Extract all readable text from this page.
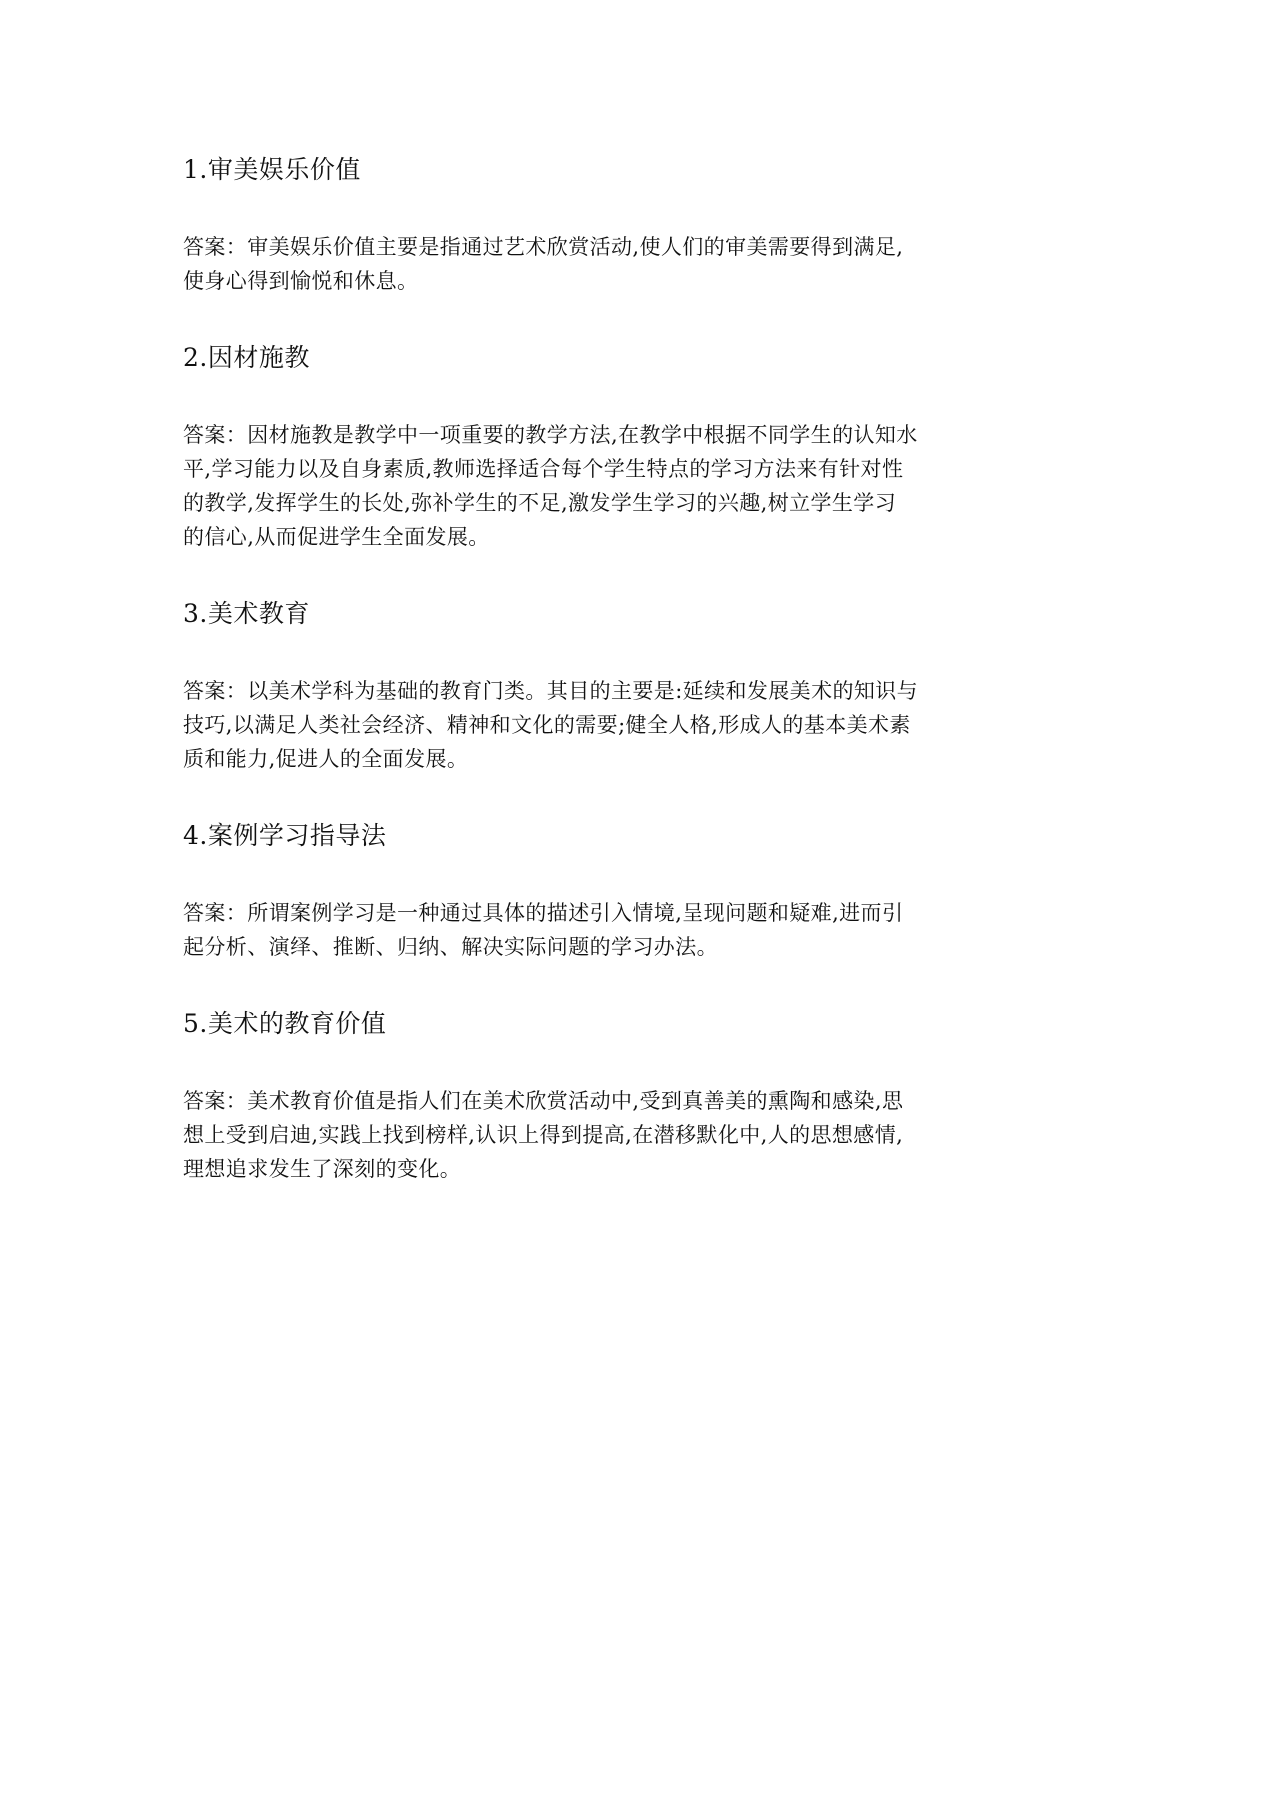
1.审美娱乐价值

答案：审美娱乐价值主要是指通过艺术欣赏活动,使人们的审美需要得到满足,
使身心得到愉悦和休息。

2.因材施教

答案：因材施教是教学中一项重要的教学方法,在教学中根据不同学生的认知水
平,学习能力以及自身素质,教师选择适合每个学生特点的学习方法来有针对性
的教学,发挥学生的长处,弥补学生的不足,激发学生学习的兴趣,树立学生学习
的信心,从而促进学生全面发展。

3.美术教育

答案：以美术学科为基础的教育门类。其目的主要是:延续和发展美术的知识与
技巧,以满足人类社会经济、精神和文化的需要;健全人格,形成人的基本美术素
质和能力,促进人的全面发展。

4.案例学习指导法

答案：所谓案例学习是一种通过具体的描述引入情境,呈现问题和疑难,进而引
起分析、演绎、推断、归纳、解决实际问题的学习办法。

5.美术的教育价值

答案：美术教育价值是指人们在美术欣赏活动中,受到真善美的熏陶和感染,思
想上受到启迪,实践上找到榜样,认识上得到提高,在潜移默化中,人的思想感情,
理想追求发生了深刻的变化。
